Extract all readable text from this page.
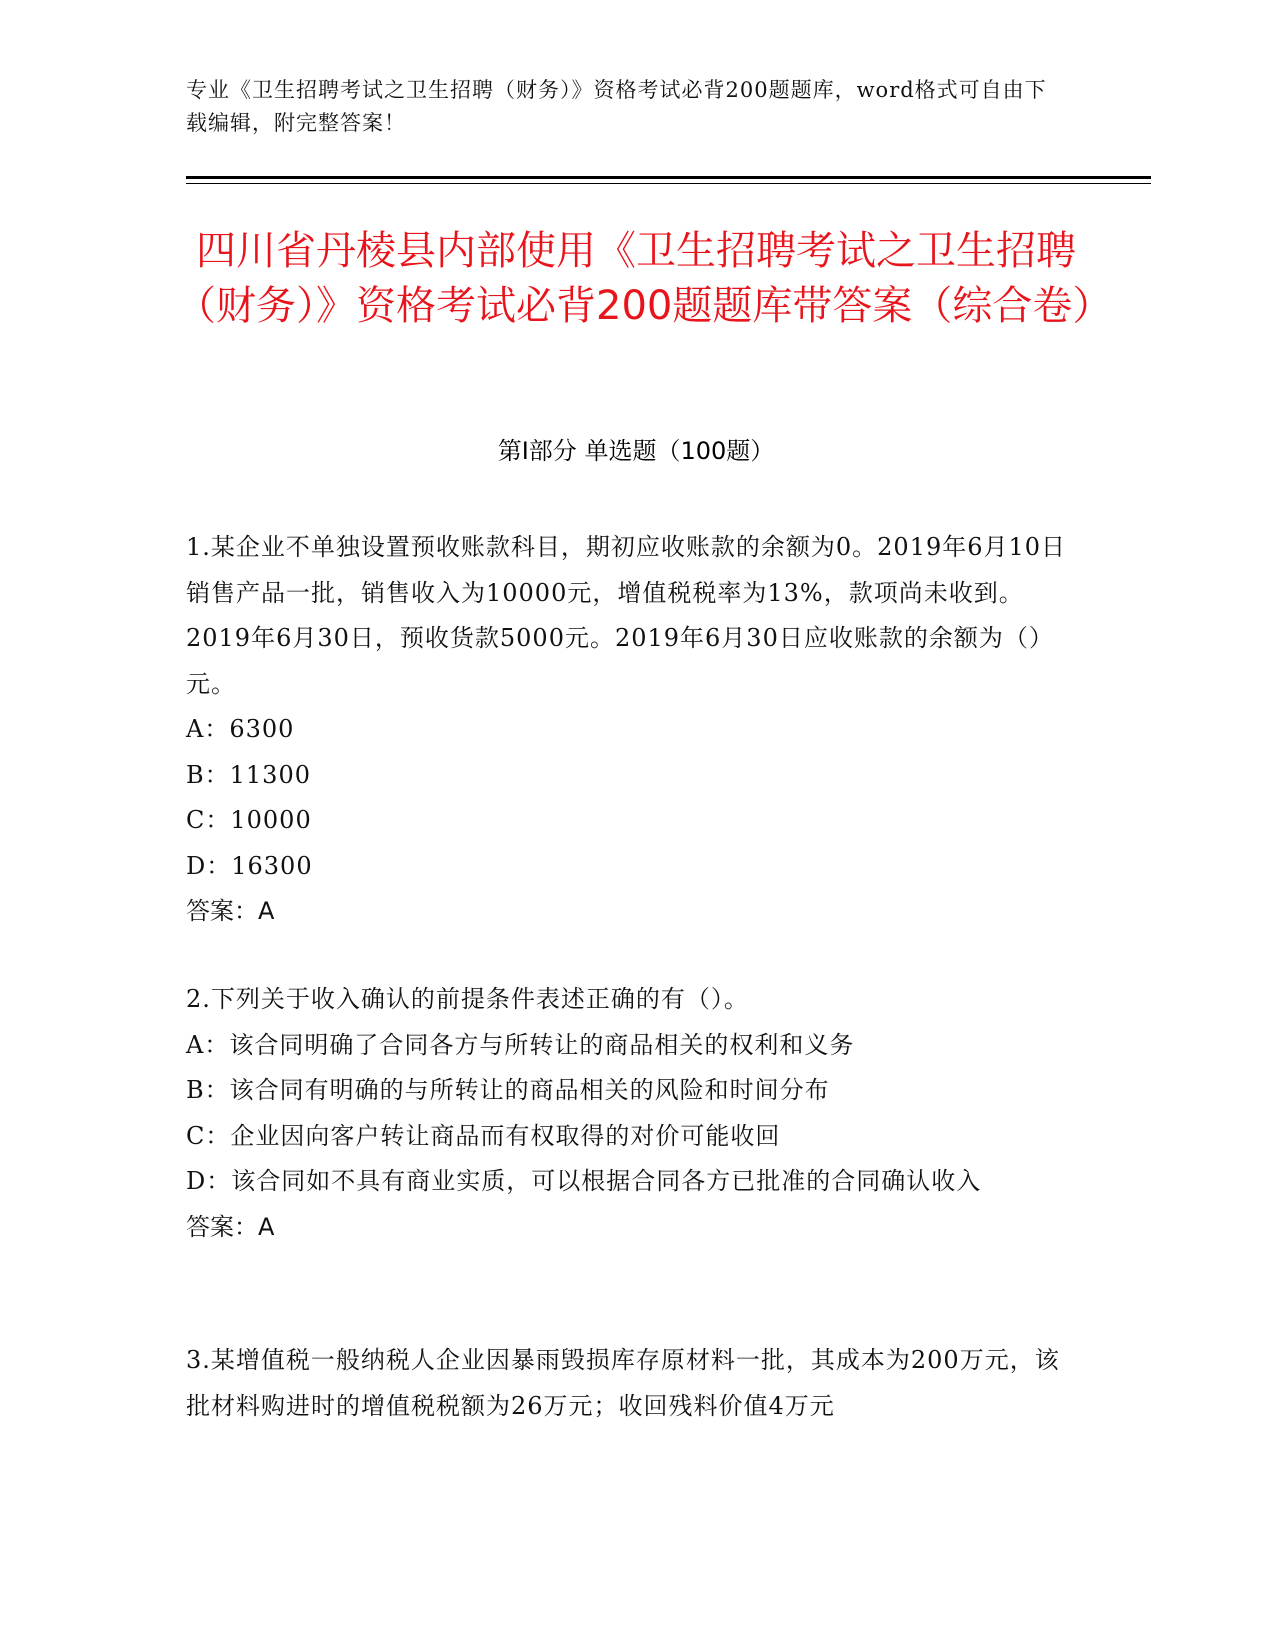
专业《卫生招聘考试之卫生招聘（财务）》资格考试必背200题题库，word格式可自由下载编辑，附完整答案！
四川省丹棱县内部使用《卫生招聘考试之卫生招聘（财务）》资格考试必背200题题库带答案（综合卷）
第I部分 单选题（100题）
1.某企业不单独设置预收账款科目，期初应收账款的余额为0。2019年6月10日销售产品一批，销售收入为10000元，增值税税率为13%，款项尚未收到。2019年6月30日，预收货款5000元。2019年6月30日应收账款的余额为（）元。
A：6300
B：11300
C：10000
D：16300
答案：A
2.下列关于收入确认的前提条件表述正确的有（）。
A：该合同明确了合同各方与所转让的商品相关的权利和义务
B：该合同有明确的与所转让的商品相关的风险和时间分布
C：企业因向客户转让商品而有权取得的对价可能收回
D：该合同如不具有商业实质，可以根据合同各方已批准的合同确认收入
答案：A
3.某增值税一般纳税人企业因暴雨毁损库存原材料一批，其成本为200万元，该批材料购进时的增值税税额为26万元；收回残料价值4万元
